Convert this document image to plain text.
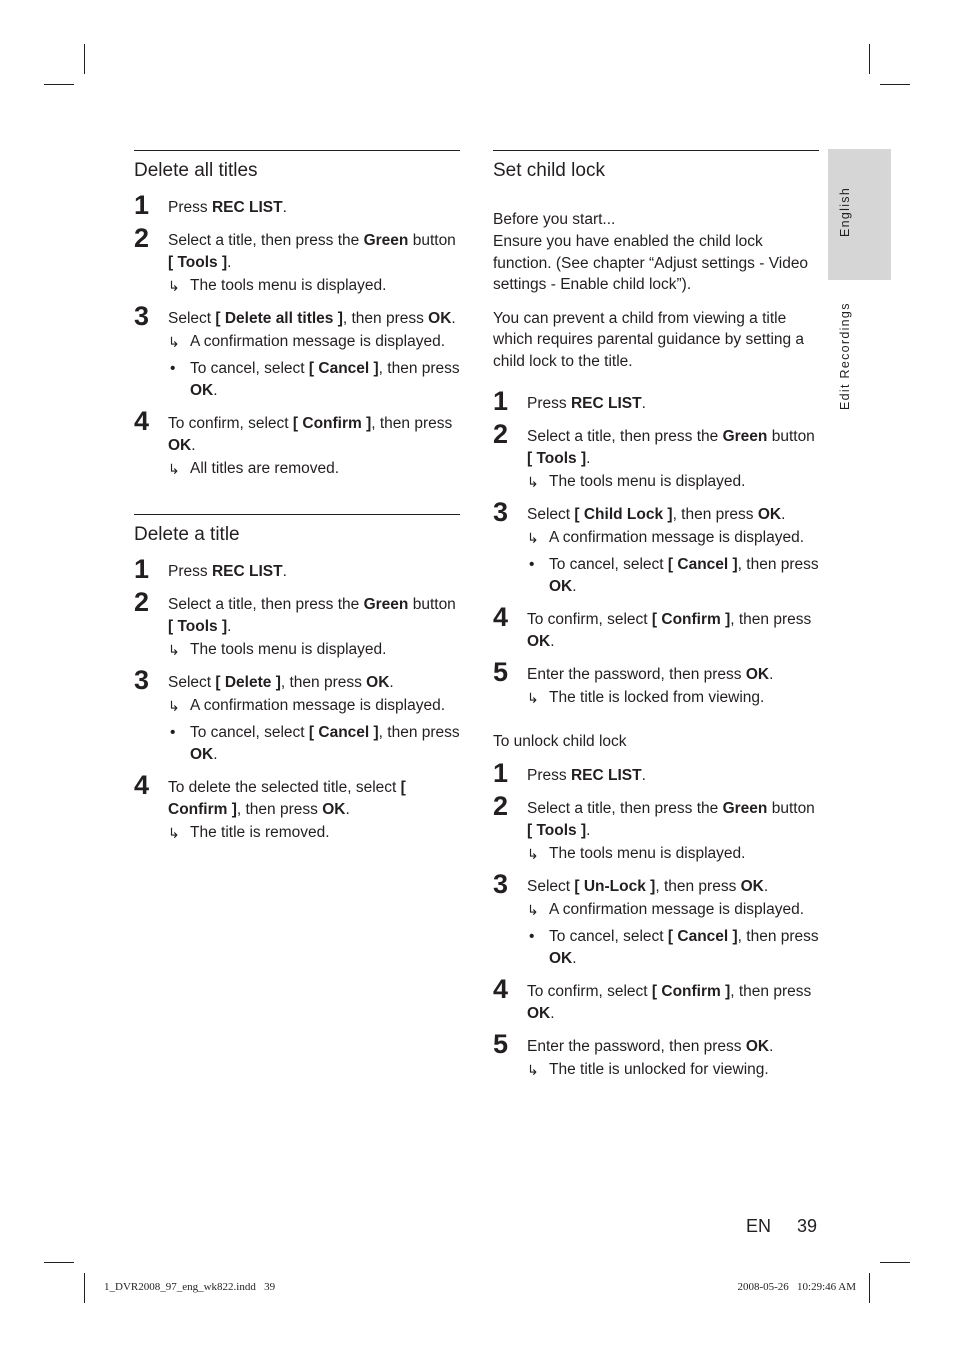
English
Edit Recordings
Delete all titles
1 Press REC LIST.
2 Select a title, then press the Green button [ Tools ].
↳ The tools menu is displayed.
3 Select [ Delete all titles ], then press OK.
↳ A confirmation message is displayed.
• To cancel, select [ Cancel ], then press OK.
4 To confirm, select [ Confirm ], then press OK.
↳ All titles are removed.
Delete a title
1 Press REC LIST.
2 Select a title, then press the Green button [ Tools ].
↳ The tools menu is displayed.
3 Select [ Delete ], then press OK.
↳ A confirmation message is displayed.
• To cancel, select [ Cancel ], then press OK.
4 To delete the selected title, select [ Confirm ], then press OK.
↳ The title is removed.
Set child lock
Before you start...

Ensure you have enabled the child lock function. (See chapter “Adjust settings - Video settings - Enable child lock”).

You can prevent a child from viewing a title which requires parental guidance by setting a child lock to the title.

1 Press REC LIST.
2 Select a title, then press the Green button [ Tools ].
↳ The tools menu is displayed.
3 Select [ Child Lock ], then press OK.
↳ A confirmation message is displayed.
• To cancel, select [ Cancel ], then press OK.
4 To confirm, select [ Confirm ], then press OK.
5 Enter the password, then press OK.
↳ The title is locked from viewing.
To unlock child lock
1 Press REC LIST.
2 Select a title, then press the Green button [ Tools ].
↳ The tools menu is displayed.
3 Select [ Un-Lock ], then press OK.
↳ A confirmation message is displayed.
• To cancel, select [ Cancel ], then press OK.
4 To confirm, select [ Confirm ], then press OK.
5 Enter the password, then press OK.
↳ The title is unlocked for viewing.
EN 39
1_DVR2008_97_eng_wk822.indd   39	2008-05-26   10:29:46 AM
